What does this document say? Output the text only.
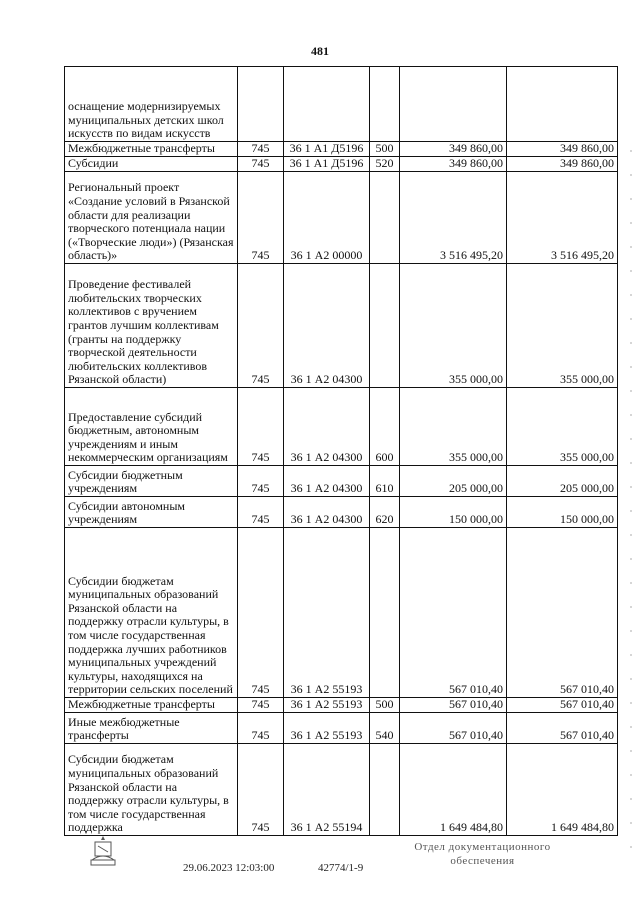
481
оснащение модернизируемых муниципальных детских школ искусств по видам искусств					
Межбюджетные трансферты	745	36 1 А1 Д5196	500	349 860,00	349 860,00
Субсидии	745	36 1 А1 Д5196	520	349 860,00	349 860,00
Региональный проект «Создание условий в Рязанской области для реализации творческого потенциала нации («Творческие люди») (Рязанская область)»	745	36 1 А2 00000		3 516 495,20	3 516 495,20
Проведение фестивалей любительских творческих коллективов с вручением грантов лучшим коллективам (гранты на поддержку творческой деятельности любительских коллективов Рязанской области)	745	36 1 А2 04300		355 000,00	355 000,00
Предоставление субсидий бюджетным, автономным учреждениям и иным некоммерческим организациям	745	36 1 А2 04300	600	355 000,00	355 000,00
Субсидии бюджетным учреждениям	745	36 1 А2 04300	610	205 000,00	205 000,00
Субсидии автономным учреждениям	745	36 1 А2 04300	620	150 000,00	150 000,00
Субсидии бюджетам муниципальных образований Рязанской области на поддержку отрасли культуры, в том числе государственная поддержка лучших работников муниципальных учреждений культуры, находящихся на территории сельских поселений	745	36 1 А2 55193		567 010,40	567 010,40
Межбюджетные трансферты	745	36 1 А2 55193	500	567 010,40	567 010,40
Иные межбюджетные трансферты	745	36 1 А2 55193	540	567 010,40	567 010,40
Субсидии бюджетам муниципальных образований Рязанской области на поддержку отрасли культуры, в том числе государственная поддержка	745	36 1 А2 55194		1 649 484,80	1 649 484,80
29.06.2023 12:03:00	42774/1-9
Отдел документационного
обеспечения
